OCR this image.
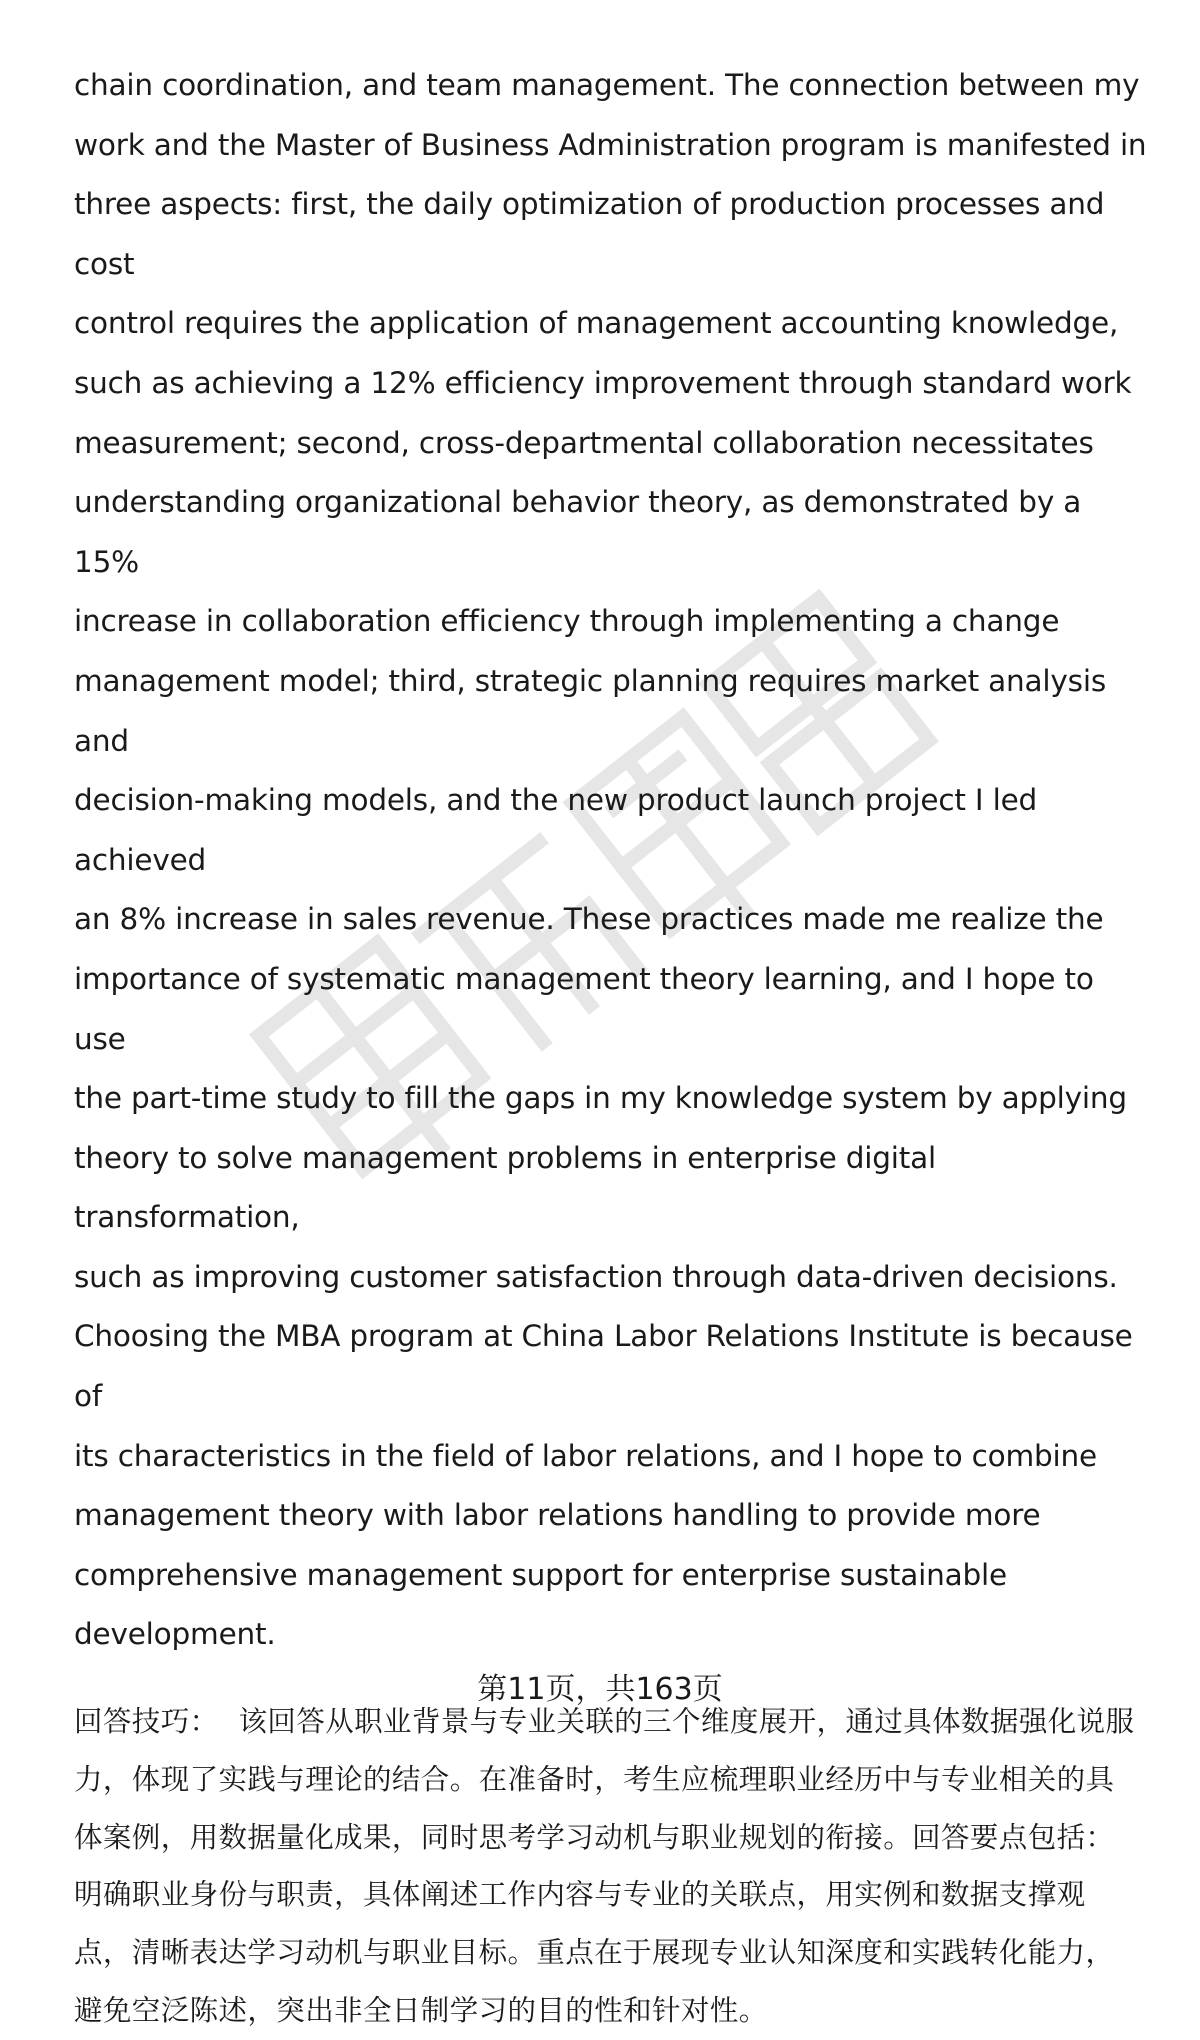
chain coordination, and team management. The connection between my
work and the Master of Business Administration program is manifested in
three aspects: first, the daily optimization of production processes and cost
control requires the application of management accounting knowledge,
such as achieving a 12% efficiency improvement through standard work
measurement; second, cross-departmental collaboration necessitates
understanding organizational behavior theory, as demonstrated by a 15%
increase in collaboration efficiency through implementing a change
management model; third, strategic planning requires market analysis and
decision-making models, and the new product launch project I led achieved
an 8% increase in sales revenue. These practices made me realize the
importance of systematic management theory learning, and I hope to use
the part-time study to fill the gaps in my knowledge system by applying
theory to solve management problems in enterprise digital transformation,
such as improving customer satisfaction through data-driven decisions.
Choosing the MBA program at China Labor Relations Institute is because of
its characteristics in the field of labor relations, and I hope to combine
management theory with labor relations handling to provide more
comprehensive management support for enterprise sustainable
development.

回答技巧： 该回答从职业背景与专业关联的三个维度展开，通过具体数据强化说服
力，体现了实践与理论的结合。在准备时，考生应梳理职业经历中与专业相关的具
体案例，用数据量化成果，同时思考学习动机与职业规划的衔接。回答要点包括：
明确职业身份与职责，具体阐述工作内容与专业的关联点，用实例和数据支撑观
点，清晰表达学习动机与职业目标。重点在于展现专业认知深度和实践转化能力，
避免空泛陈述，突出非全日制学习的目的性和针对性。

第11页，共163页
